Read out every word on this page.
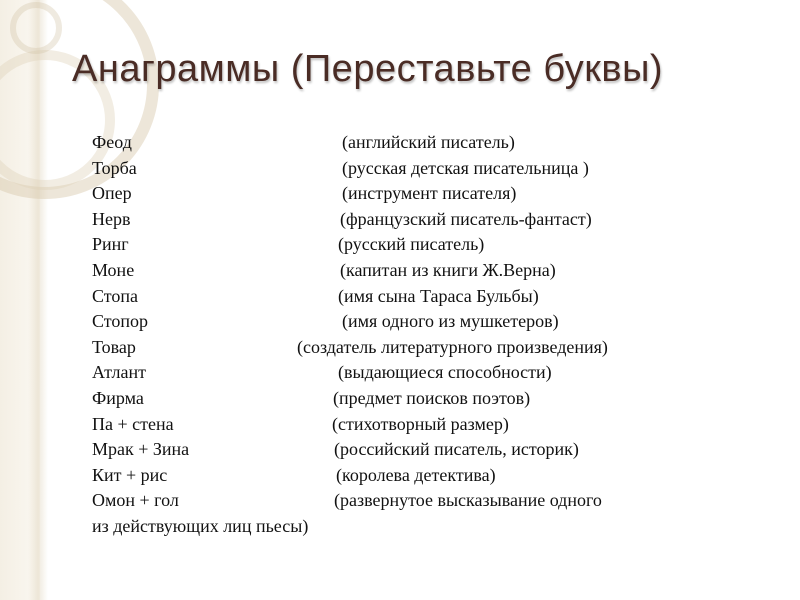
Анаграммы (Переставьте буквы)
Феод	(английский писатель)
Торба	(русская детская писательница )
Опер	(инструмент писателя)
Нерв	(французский писатель-фантаст)
Ринг	(русский писатель)
Моне	(капитан из книги Ж.Верна)
Стопа	(имя сына Тараса Бульбы)
Стопор	(имя одного из мушкетеров)
Товар	(создатель литературного произведения)
Атлант	(выдающиеся способности)
Фирма	(предмет поисков поэтов)
Па + стена	(стихотворный размер)
Мрак + Зина	(российский писатель, историк)
Кит + рис	(королева детектива)
Омон + гол	(развернутое высказывание одного
из действующих лиц пьесы)
